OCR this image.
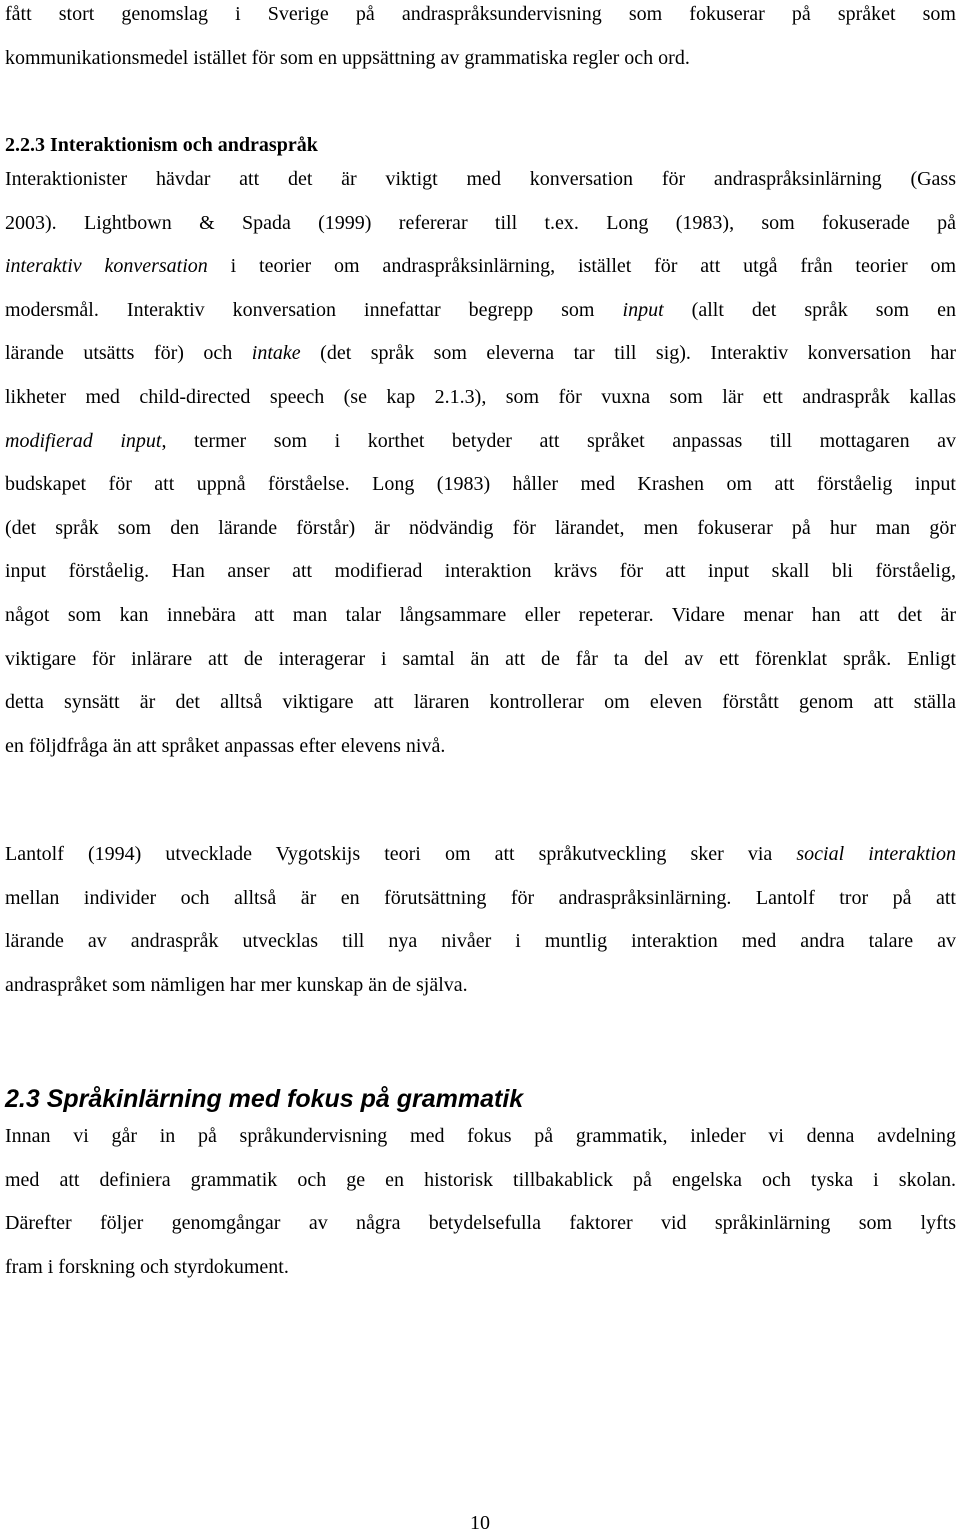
fått stort genomslag i Sverige på andraspråksundervisning som fokuserar på språket som
kommunikationsmedel istället för som en uppsättning av grammatiska regler och ord.
2.2.3 Interaktionism och andraspråk
Interaktionister hävdar att det är viktigt med konversation för andraspråksinlärning (Gass
2003). Lightbown & Spada (1999) refererar till t.ex. Long (1983), som fokuserade på
interaktiv konversation i teorier om andraspråksinlärning, istället för att utgå från teorier om
modersmål. Interaktiv konversation innefattar begrepp som input (allt det språk som en
lärande utsätts för) och intake (det språk som eleverna tar till sig). Interaktiv konversation har
likheter med child-directed speech (se kap 2.1.3), som för vuxna som lär ett andraspråk kallas
modifierad input, termer som i korthet betyder att språket anpassas till mottagaren av
budskapet för att uppnå förståelse. Long (1983) håller med Krashen om att förståelig input
(det språk som den lärande förstår) är nödvändig för lärandet, men fokuserar på hur man gör
input förståelig. Han anser att modifierad interaktion krävs för att input skall bli förståelig,
något som kan innebära att man talar långsammare eller repeterar. Vidare menar han att det är
viktigare för inlärare att de interagerar i samtal än att de får ta del av ett förenklat språk. Enligt
detta synsätt är det alltså viktigare att läraren kontrollerar om eleven förstått genom att ställa
en följdfråga än att språket anpassas efter elevens nivå.
Lantolf (1994) utvecklade Vygotskijs teori om att språkutveckling sker via social interaktion
mellan individer och alltså är en förutsättning för andraspråksinlärning. Lantolf tror på att
lärande av andraspråk utvecklas till nya nivåer i muntlig interaktion med andra talare av
andraspråket som nämligen har mer kunskap än de själva.
2.3 Språkinlärning med fokus på grammatik
Innan vi går in på språkundervisning med fokus på grammatik, inleder vi denna avdelning
med att definiera grammatik och ge en historisk tillbakablick på engelska och tyska i skolan.
Därefter följer genomgångar av några betydelsefulla faktorer vid språkinlärning som lyfts
fram i forskning och styrdokument.
10
